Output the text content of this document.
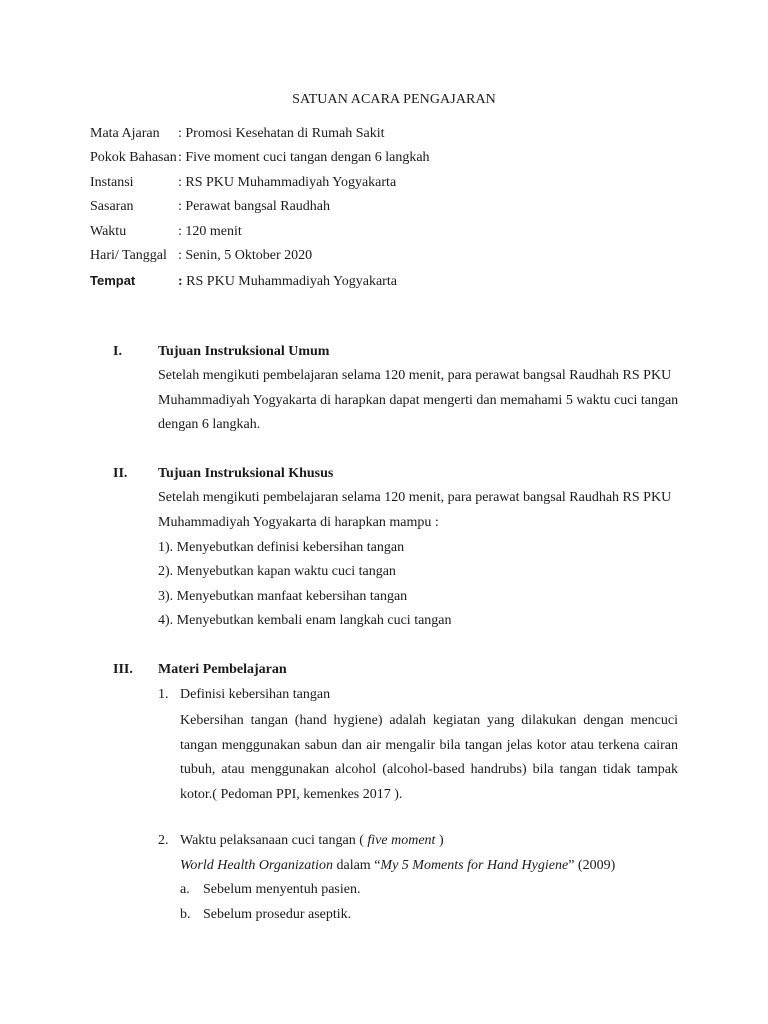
SATUAN ACARA PENGAJARAN
Mata Ajaran : Promosi Kesehatan di Rumah Sakit
Pokok Bahasan: Five moment cuci tangan dengan 6 langkah
Instansi	: RS PKU Muhammadiyah Yogyakarta
Sasaran	: Perawat bangsal Raudhah
Waktu	: 120 menit
Hari/ Tanggal : Senin, 5 Oktober 2020
Tempat	: RS PKU Muhammadiyah Yogyakarta
I.	Tujuan Instruksional Umum
Setelah mengikuti pembelajaran selama 120 menit, para perawat bangsal Raudhah RS PKU
Muhammadiyah Yogyakarta di harapkan dapat mengerti dan memahami 5 waktu cuci tangan
dengan 6 langkah.
II. Tujuan Instruksional Khusus
Setelah mengikuti pembelajaran selama 120 menit, para perawat bangsal Raudhah RS PKU
Muhammadiyah Yogyakarta di harapkan mampu :
1). Menyebutkan definisi kebersihan tangan
2). Menyebutkan kapan waktu cuci tangan
3). Menyebutkan manfaat kebersihan tangan
4). Menyebutkan kembali enam langkah cuci tangan
III. Materi Pembelajaran
1. Definisi kebersihan tangan
Kebersihan tangan (hand hygiene) adalah kegiatan yang dilakukan dengan mencuci
tangan menggunakan sabun dan air mengalir bila tangan jelas kotor atau terkena cairan
tubuh, atau menggunakan alcohol (alcohol-based handrubs) bila tangan tidak tampak
kotor.( Pedoman PPI, kemenkes 2017 ).
2. Waktu pelaksanaan cuci tangan ( five moment )
World Health Organization dalam “My 5 Moments for Hand Hygiene” (2009)
a. Sebelum menyentuh pasien.
b. Sebelum prosedur aseptik.
